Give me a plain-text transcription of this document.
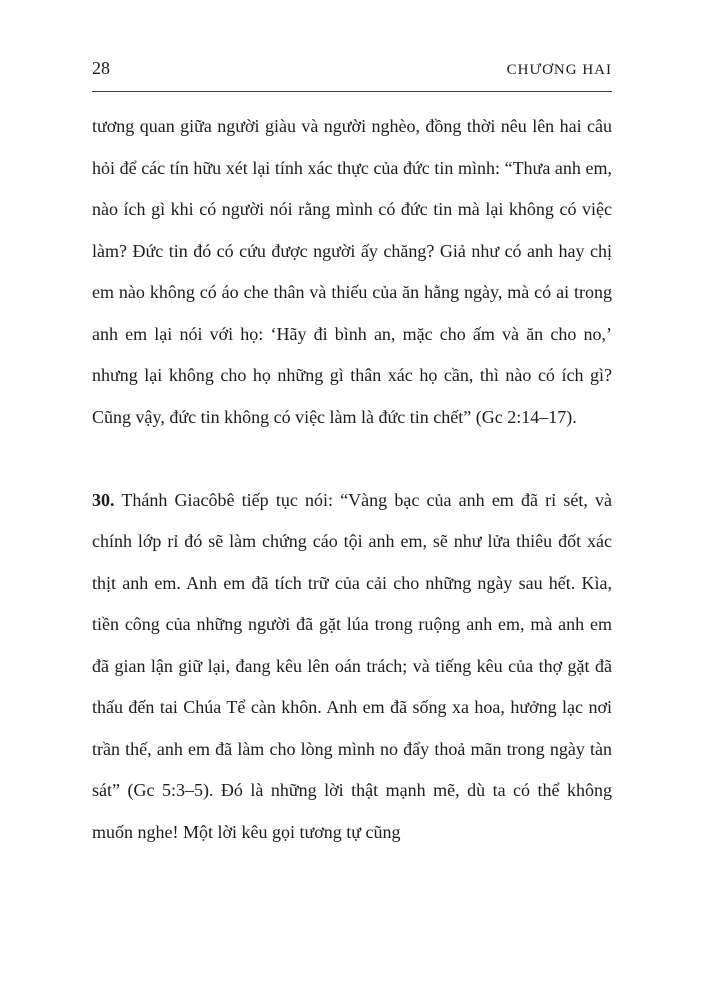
28	CHƯƠNG HAI

tương quan giữa người giàu và người nghèo, đồng thời nêu lên hai câu hỏi để các tín hữu xét lại tính xác thực của đức tin mình: “Thưa anh em, nào ích gì khi có người nói rằng mình có đức tin mà lại không có việc làm? Đức tin đó có cứu được người ấy chăng? Giả như có anh hay chị em nào không có áo che thân và thiếu của ăn hằng ngày, mà có ai trong anh em lại nói với họ: ‘Hãy đi bình an, mặc cho ấm và ăn cho no,’ nhưng lại không cho họ những gì thân xác họ cần, thì nào có ích gì? Cũng vậy, đức tin không có việc làm là đức tin chết” (Gc 2:14–17).

30. Thánh Giacôbê tiếp tục nói: “Vàng bạc của anh em đã rỉ sét, và chính lớp rỉ đó sẽ làm chứng cáo tội anh em, sẽ như lửa thiêu đốt xác thịt anh em. Anh em đã tích trữ của cải cho những ngày sau hết. Kìa, tiền công của những người đã gặt lúa trong ruộng anh em, mà anh em đã gian lận giữ lại, đang kêu lên oán trách; và tiếng kêu của thợ gặt đã thấu đến tai Chúa Tể càn khôn. Anh em đã sống xa hoa, hưởng lạc nơi trần thế, anh em đã làm cho lòng mình no đẩy thoả mãn trong ngày tàn sát” (Gc 5:3–5). Đó là những lời thật mạnh mẽ, dù ta có thể không muốn nghe! Một lời kêu gọi tương tự cũng
